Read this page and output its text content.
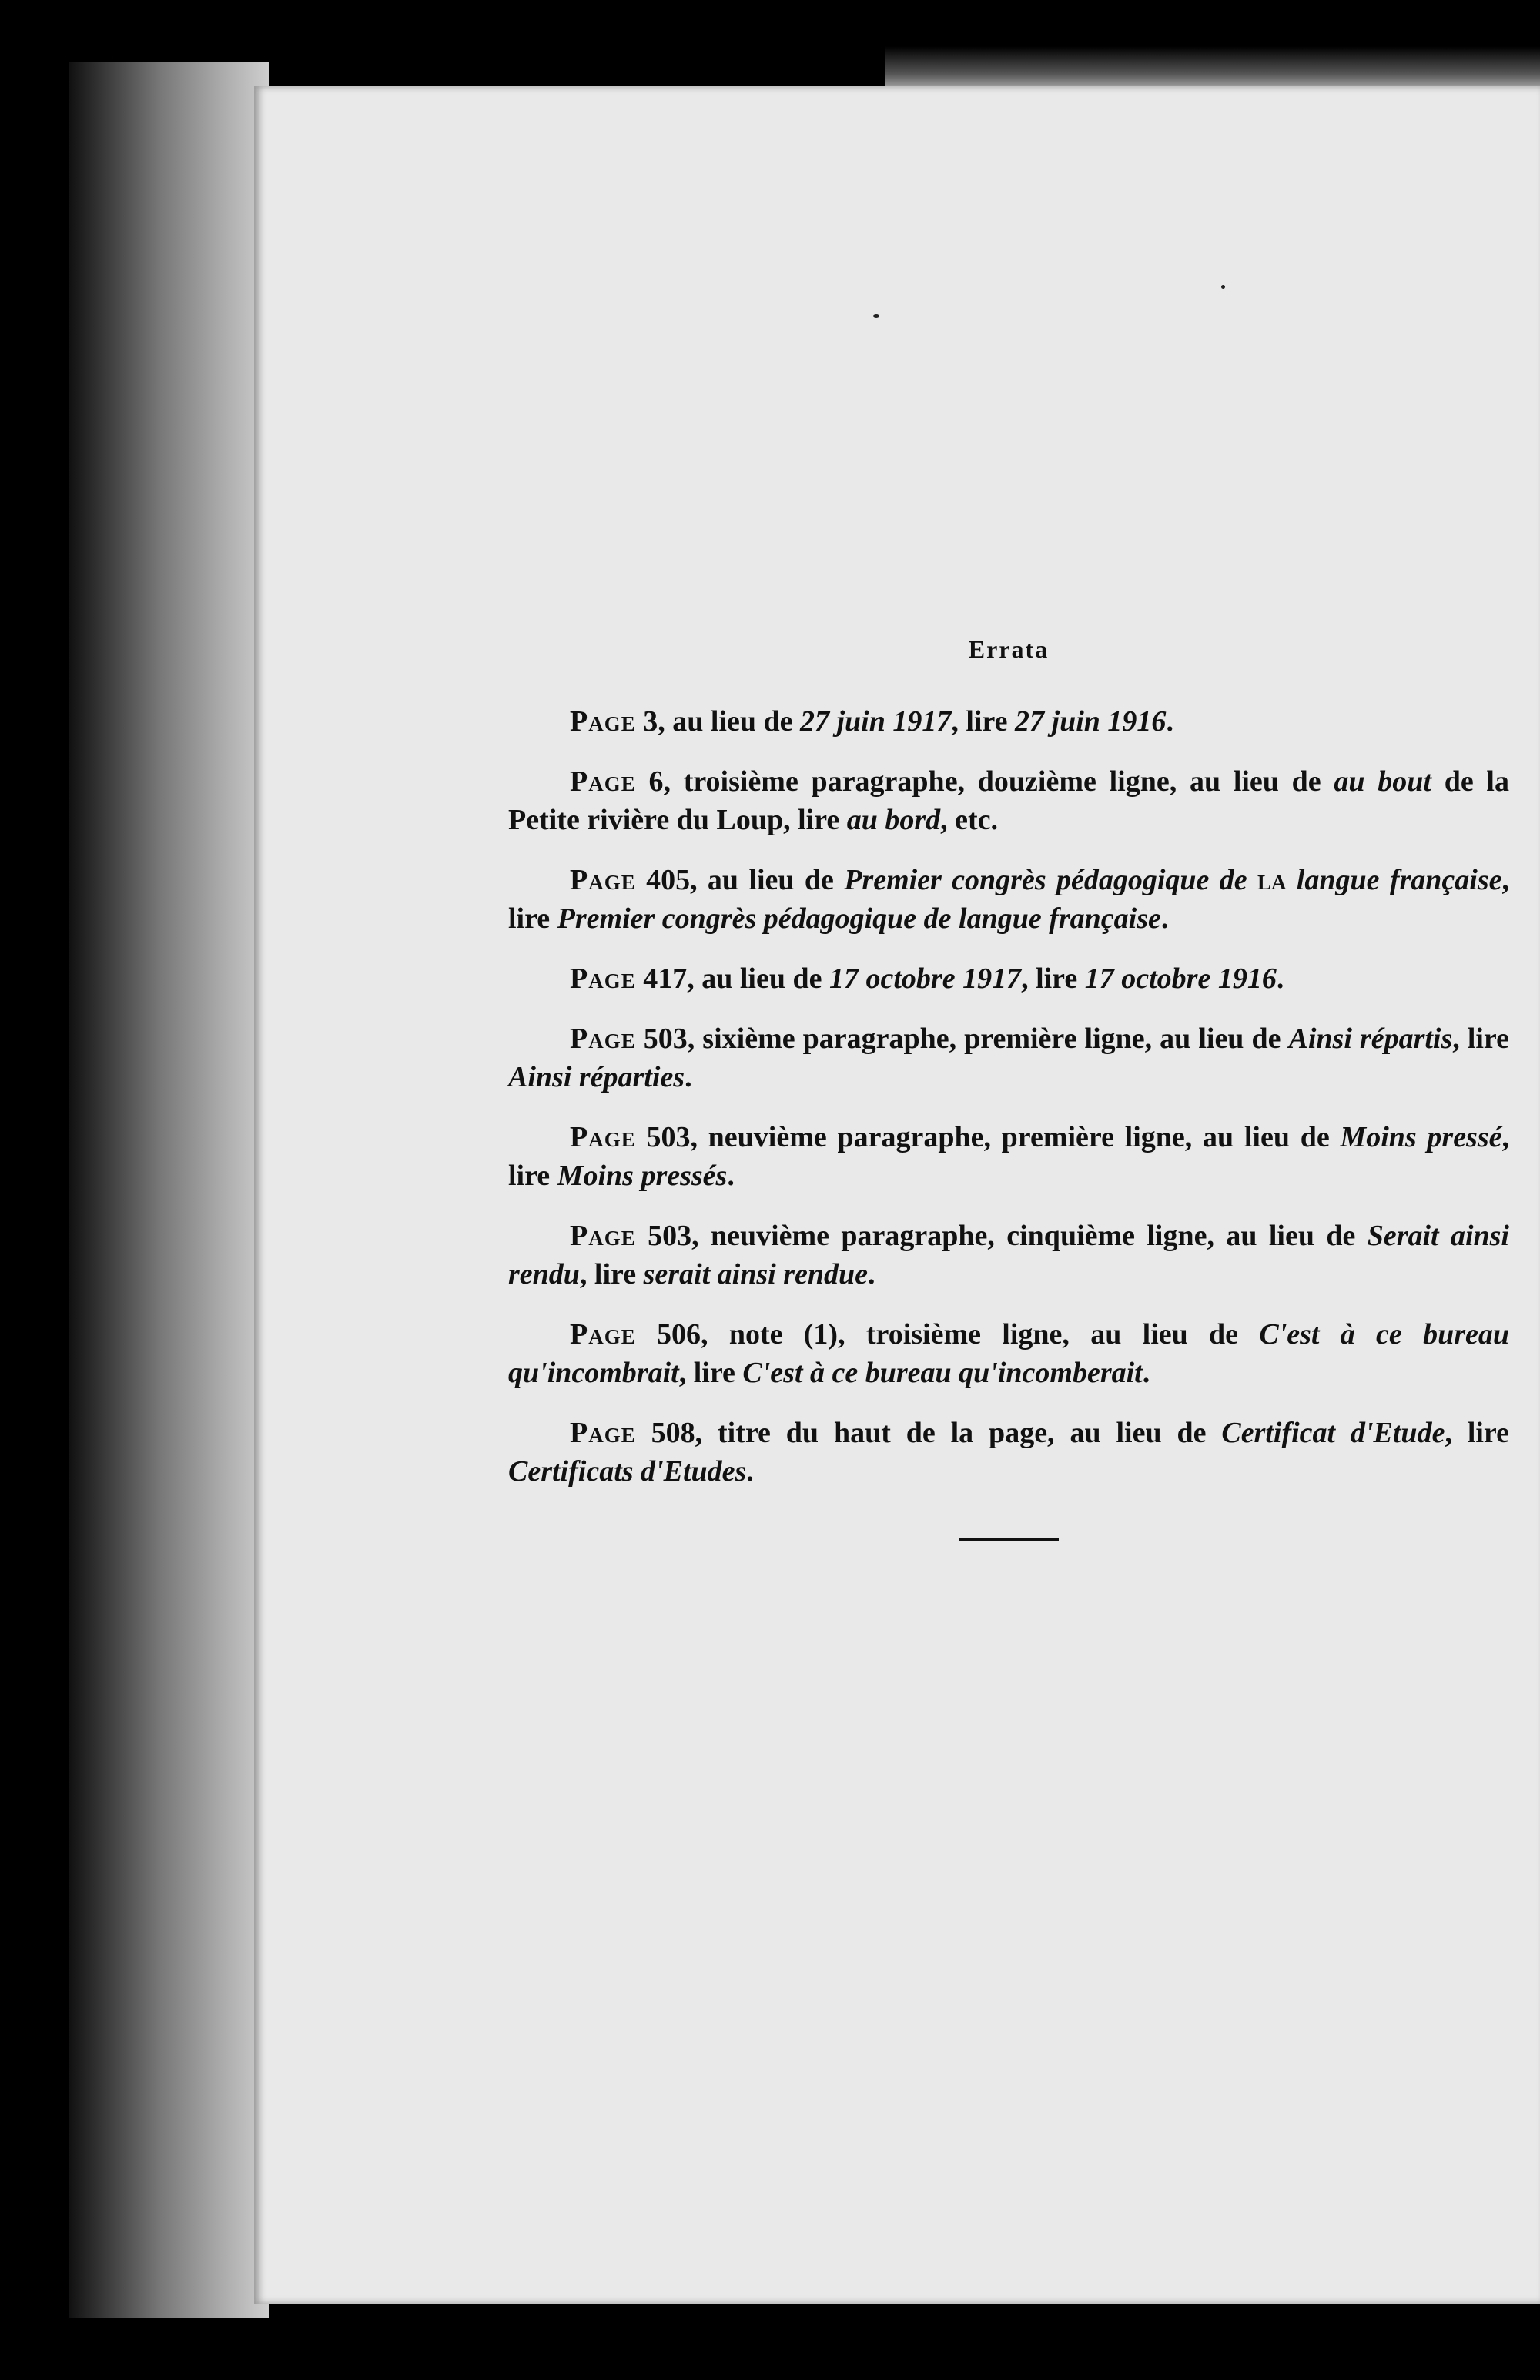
Errata

Page 3, au lieu de 27 juin 1917, lire 27 juin 1916.

Page 6, troisième paragraphe, douzième ligne, au lieu de au bout de la Petite rivière du Loup, lire au bord, etc.

Page 405, au lieu de Premier congrès pédagogique de la langue française, lire Premier congrès pédagogique de langue française.

Page 417, au lieu de 17 octobre 1917, lire 17 octobre 1916.

Page 503, sixième paragraphe, première ligne, au lieu de Ainsi répartis, lire Ainsi réparties.

Page 503, neuvième paragraphe, première ligne, au lieu de Moins pressé, lire Moins pressés.

Page 503, neuvième paragraphe, cinquième ligne, au lieu de Serait ainsi rendu, lire serait ainsi rendue.

Page 506, note (1), troisième ligne, au lieu de C'est à ce bureau qu'incombrait, lire C'est à ce bureau qu'incomberait.

Page 508, titre du haut de la page, au lieu de Certificat d'Etude, lire Certificats d'Etudes.
